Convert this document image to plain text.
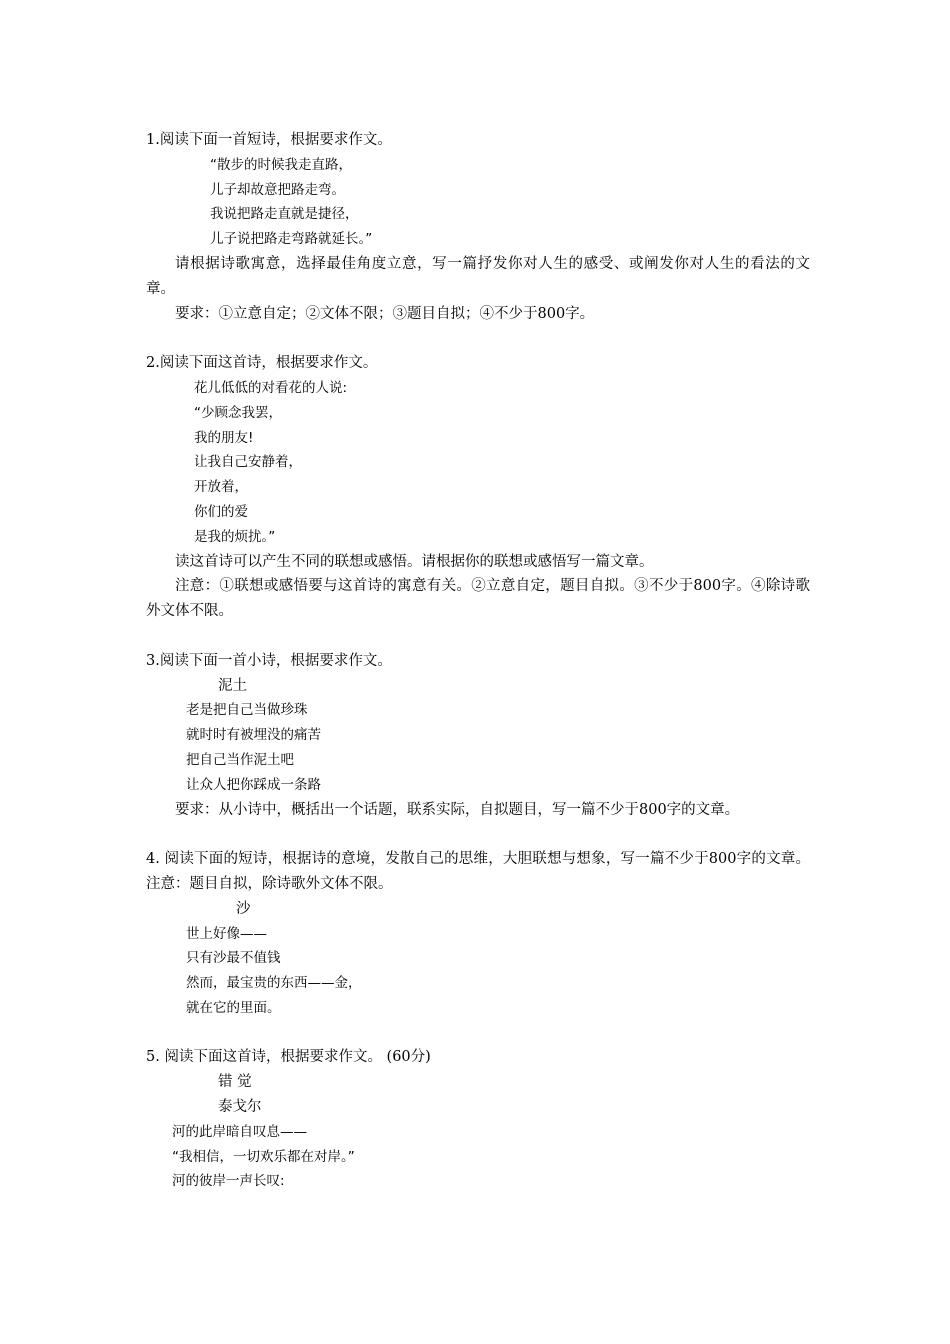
1.阅读下面一首短诗，根据要求作文。
“散步的时候我走直路，
儿子却故意把路走弯。
我说把路走直就是捷径，
儿子说把路走弯路就延长。”
请根据诗歌寓意，选择最佳角度立意，写一篇抒发你对人生的感受、或阐发你对人生的看法的文章。
要求：①立意自定；②文体不限；③题目自拟；④不少于800字。
2.阅读下面这首诗，根据要求作文。
花儿低低的对看花的人说:
“少顾念我罢，
我的朋友!
让我自己安静着，
开放着，
你们的爱
是我的烦扰。”
读这首诗可以产生不同的联想或感悟。请根据你的联想或感悟写一篇文章。
注意：①联想或感悟要与这首诗的寓意有关。②立意自定，题目自拟。③不少于800字。④除诗歌外文体不限。
3.阅读下面一首小诗，根据要求作文。
泥土
老是把自己当做珍珠
就时时有被埋没的痛苦
把自己当作泥土吧
让众人把你踩成一条路
要求：从小诗中，概括出一个话题，联系实际，自拟题目，写一篇不少于800字的文章。
4. 阅读下面的短诗，根据诗的意境，发散自己的思维，大胆联想与想象，写一篇不少于800字的文章。注意：题目自拟，除诗歌外文体不限。
沙
世上好像——
只有沙最不值钱
然而，最宝贵的东西——金，
就在它的里面。
5. 阅读下面这首诗，根据要求作文。 (60分)
错 觉
泰戈尔
河的此岸暗自叹息——
“我相信，一切欢乐都在对岸。”
河的彼岸一声长叹:
